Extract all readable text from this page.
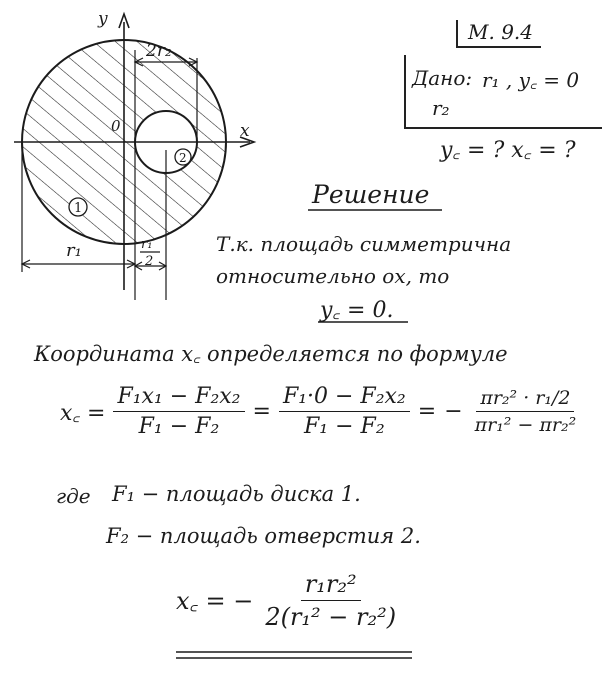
y
x
0
2r₂
1
2
r₁	r₁
2
М. 9.4
Дано: r₁ , y꜀ = 0
r₂
y꜀ = ? x꜀ = ?
Решение
Т.к. площадь симметрична
относительно ox, то
y꜀ = 0.
Координата x꜀ определяется по формуле
x꜀ = $\frac{\text{F₁x₁ − F₂x₂}}{\text{F₁ − F₂}} = \frac{\text{F₁·0 − F₂x₂}}{\text{F₁ − F₂}}$ = − $\frac{\text{πr₂² · r₁/2}}{\text{πr₁² − πr₂²}}$
где F₁ − площадь диска 1.
F₂ − площадь отверстия 2.
x꜀ = − $\frac{\text{r₁r₂²}}{\text{2(r₁² − r₂²)}}$
